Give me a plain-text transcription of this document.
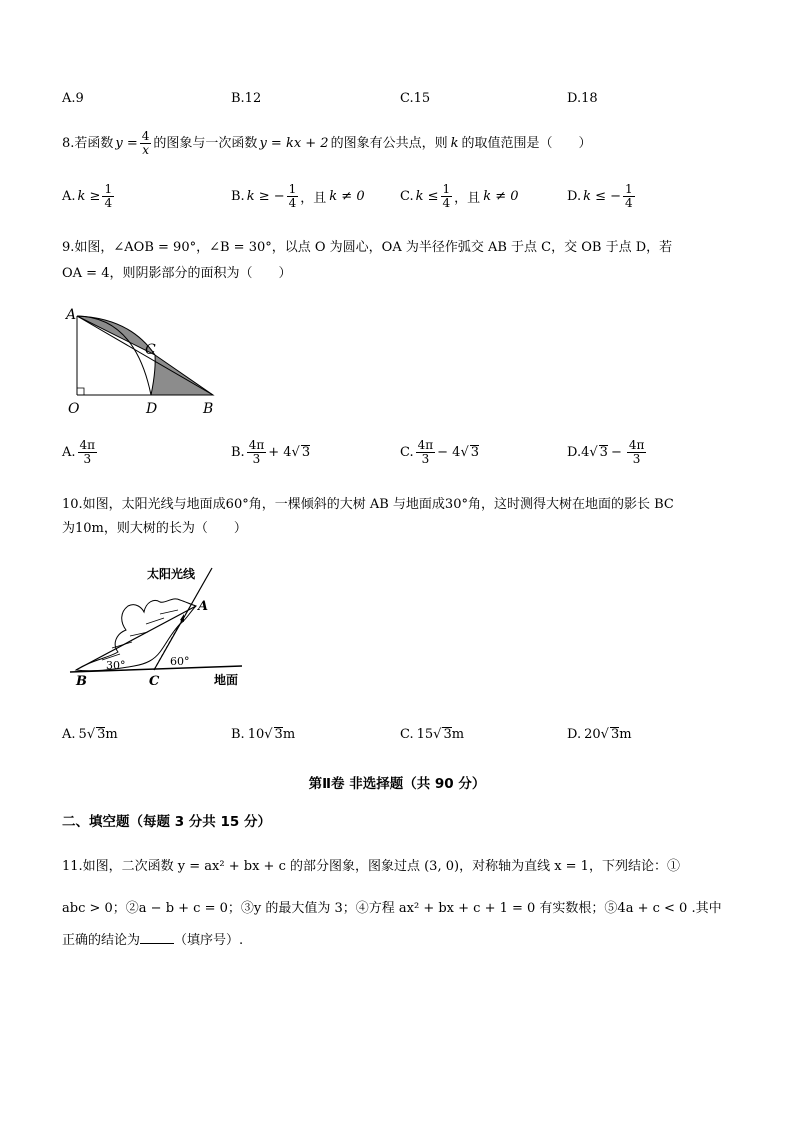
A.9	B.12	C.15	D.18
8.若函数 $y = \frac{4}{x}$ 的图象与一次函数 y = kx + 2 的图象有公共点，则 k 的取值范围是（　　）
A. $k \ge \frac{1}{4}$	B. k ≥ − $\frac{1}{4}$ ，且 k ≠ 0	C. $k \le \frac{1}{4}$ ，且 k ≠ 0	D. k ≤ − $\frac{1}{4}$
9.如图，∠AOB = 90°，∠B = 30°，以点 O 为圆心，OA 为半径作弧交 AB 于点 C，交 OB 于点 D，若
OA = 4，则阴影部分的面积为（　　）
A
C
O	D	B
A. $\frac{4\pi}{3}$	B. $\frac{4\pi}{3} + 4$ √ 3	C. $\frac{4\pi}{3} - 4$ √ 3	D. 4 √ $3 - \frac{4\pi}{3}$
10.如图，太阳光线与地面成60°角，一棵倾斜的大树 AB 与地面成30°角，这时测得大树在地面的影长 BC
为10m，则大树的长为（　　）
太阳光线
A
30°	60°
B	C	地面
A. 5 √ 3 m	B. 10 √ 3 m	C. 15 √ 3 m	D. 20 √ 3 m
第Ⅱ卷 非选择题（共 90 分）
二、填空题（每题 3 分共 15 分）
11.如图，二次函数 y = ax² + bx + c 的部分图象，图象过点 (3, 0)，对称轴为直线 x = 1，下列结论：①
abc > 0；②a − b + c = 0；③y 的最大值为 3；④方程 ax² + bx + c + 1 = 0 有实数根；⑤4a + c < 0 .其中
正确的结论为	（填序号）.
